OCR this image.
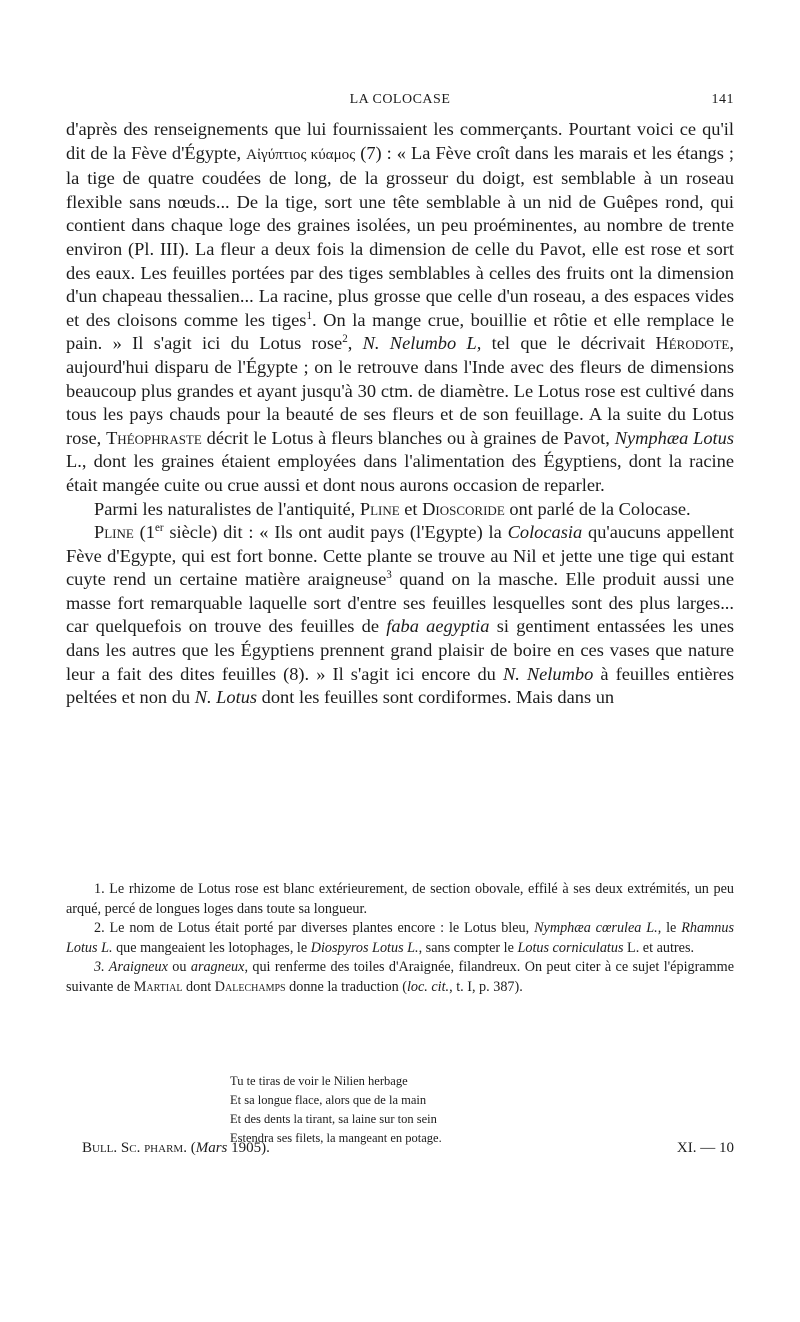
LA COLOCASE	141

d'après des renseignements que lui fournissaient les commerçants. Pourtant voici ce qu'il dit de la Fève d'Égypte, Αἰγύπτιος κύαμος (7) : « La Fève croît dans les marais et les étangs ; la tige de quatre coudées de long, de la grosseur du doigt, est semblable à un roseau flexible sans nœuds... De la tige, sort une tête semblable à un nid de Guêpes rond, qui contient dans chaque loge des graines isolées, un peu proéminentes, au nombre de trente environ (Pl. III). La fleur a deux fois la dimension de celle du Pavot, elle est rose et sort des eaux. Les feuilles portées par des tiges semblables à celles des fruits ont la dimension d'un chapeau thessalien... La racine, plus grosse que celle d'un roseau, a des espaces vides et des cloisons comme les tiges$^1$. On la mange crue, bouillie et rôtie et elle remplace le pain. » Il s'agit ici du Lotus rose$^2$, N. Nelumbo L, tel que le décrivait Hérodote, aujourd'hui disparu de l'Égypte ; on le retrouve dans l'Inde avec des fleurs de dimensions beaucoup plus grandes et ayant jusqu'à 30 ctm. de diamètre. Le Lotus rose est cultivé dans tous les pays chauds pour la beauté de ses fleurs et de son feuillage. A la suite du Lotus rose, Théophraste décrit le Lotus à fleurs blanches ou à graines de Pavot, Nymphæa Lotus L., dont les graines étaient employées dans l'alimentation des Égyptiens, dont la racine était mangée cuite ou crue aussi et dont nous aurons occasion de reparler.

Parmi les naturalistes de l'antiquité, Pline et Dioscoride ont parlé de la Colocase.

Pline (1er siècle) dit : « Ils ont audit pays (l'Egypte) la Colocasia qu'aucuns appellent Fève d'Egypte, qui est fort bonne. Cette plante se trouve au Nil et jette une tige qui estant cuyte rend un certaine matière araigneuse$^3$ quand on la masche. Elle produit aussi une masse fort remarquable laquelle sort d'entre ses feuilles lesquelles sont des plus larges... car quelquefois on trouve des feuilles de faba aegyptia si gentiment entassées les unes dans les autres que les Égyptiens prennent grand plaisir de boire en ces vases que nature leur a fait des dites feuilles (8). » Il s'agit ici encore du N. Nelumbo à feuilles entières peltées et non du N. Lotus dont les feuilles sont cordiformes. Mais dans un

1. Le rhizome de Lotus rose est blanc extérieurement, de section obovale, effilé à ses deux extrémités, un peu arqué, percé de longues loges dans toute sa longueur.

2. Le nom de Lotus était porté par diverses plantes encore : le Lotus bleu, Nymphæa cœrulea L., le Rhamnus Lotus L. que mangeaient les lotophages, le Diospyros Lotus L., sans compter le Lotus corniculatus L. et autres.

3. Araigneux ou aragneux, qui renferme des toiles d'Araignée, filandreux. On peut citer à ce sujet l'épigramme suivante de Martial dont Dalechamps donne la traduction (loc. cit., t. I, p. 387).

Tu te tiras de voir le Nilien herbage
Et sa longue flace, alors que de la main
Et des dents la tirant, sa laine sur ton sein
Estendra ses filets, la mangeant en potage.
Bull. Sc. pharm. (Mars 1905).	XI. — 10
